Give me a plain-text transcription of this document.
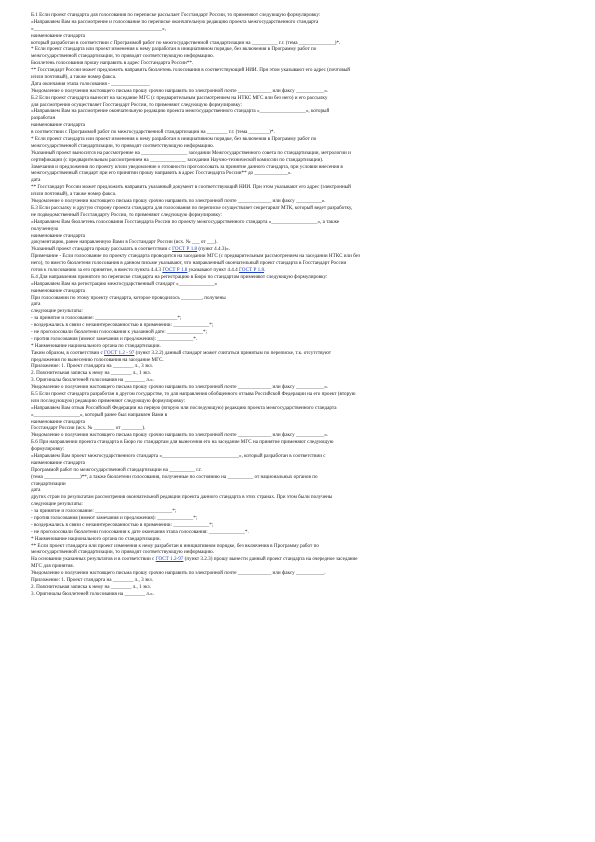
Б.1 Если проект стандарта для голосования по переписке рассылает Госстандарт России, то применяют следующую формулировку:
«Направляем Вам на рассмотрение и голосование по переписке окончательную редакцию проекта межгосударственного стандарта
«__________________________________________________»,
наименование стандарта
который разработан в соответствии с Программой работ по межгосударственной стандартизации на __________ г.г. (тема ______________)*.
* Если проект стандарта или проект изменения к нему разработан в инициативном порядке, без включения в Программу работ по
межгосударственной стандартизации, то приводят соответствующую информацию.
Бюллетень голосования прошу направить в адрес Госстандарта России**.
** Госстандарт России может предложить направить бюллетень голосования в соответствующий НИИ. При этом указывают его адрес (почтовый
и/или почтовый), а также номер факса.
Дата окончания этапа голосования - _______________
Уведомление о получении настоящего письма прошу срочно направить по электронной почте _____________ или факсу ___________».
Б.2 Если проект стандарта выносят на заседание МГС (с предварительным рассмотрением на НТКС МГС или без него) и его рассылку
для рассмотрения осуществляет Госстандарт России, то применяют следующую формулировку:
«Направляем Вам на рассмотрение окончательную редакцию проекта межгосударственного стандарта «__________________», который
разработан
наименование стандарта
в соответствии с Программой работ по межгосударственной стандартизации на ________ г.г. (тема ________)*.
* Если проект стандарта или проект изменения к нему разработан в инициативном порядке, без включения в Программу работ по
межгосударственной стандартизации, то приводят соответствующую информацию.
Указанный проект выносится на рассмотрение на __________________ заседании Межгосударственного совета по стандартизации, метрологии и
сертификации (с предварительным рассмотрением на ______________ заседании Научно-технической комиссии по стандартизации).
Замечания и предложения по проекту и/или уведомление о готовности проголосовать за принятие данного стандарта, при условии внесения в
межгосударственный стандарт при его принятии прошу направить в адрес Госстандарта России** до _____________».
дата
** Госстандарт России может предложить направить указанный документ в соответствующий НИИ. При этом указывают его адрес (электронный
и/или почтовый), а также номер факса.
Уведомление о получении настоящего письма прошу срочно направить по электронной почте _____________ или факсу __________».
Б.3 Если рассылку и другую сторону проекта стандарта для голосования по переписке осуществляет секретариат МТК, который ведет разработку,
не подведомственный Госстандарту России, то применяют следующую формулировку:
«Направляем Вам бюллетень голосования Госстандарта России по проекту межгосударственного стандарта «__________________», а также
полученную
наименование стандарта
документацию, ранее направленную Вами в Госстандарт России (исх. № ___ от ___).
Указанный проект стандарта прошу рассылать в соответствии с ГОСТ Р 1.8 (пункт 4.4.3)».
Примечание - Если голосование по проекту стандарта проводится на заседании МГС (с предварительным рассмотрением на заседании НТКС или без
него), то вместо бюллетеня голосования в данном письме указывают, что направленный окончательный проект стандарта в Госстандарт России
готов к голосованию за его принятие, в вместо пункта 4.4.3 ГОСТ Р 1.8 указывают пункт 4.4.4 ГОСТ Р 1.8.
Б.4 Для направления принятого по переписке стандарта на регистрацию в Бюро по стандартам применяют следующую формулировку:
«Направляем Вам на регистрацию межгосударственный стандарт «______________»
наименование стандарта
При голосовании по этому проекту стандарта, которое проводилось ________, получены
дата
следующие результаты:
- за принятие и голосование: ________________________________*;
- воздержались в связи с незаинтересованностью в применении: ______________*;
- не проголосовали бюллетени голосования к указанной дате: ______________*;
- против голосования (имеют замечания и предложения): ______________*.
* Наименование национального органа по стандартизации.
Таким образом, в соответствии с ГОСТ 1.2 - 97 (пункт 3.2.2) данный стандарт может считаться принятым по переписке, т.к. отсутствуют
предложения по вынесению голосования на заседание МГС.
Приложение: 1. Проект стандарта на ________ л., 3 экз.
2. Пояснительная записка к нему на ________ л., 1 экз.
3. Оригиналы бюллетеней голосования на ________ л.».
Уведомление о получении настоящего письма прошу срочно направить по электронной почте _____________ или факсу ___________».
Б.5 Если проект стандарта разработан в другом государстве, то для направления обобщенного отзыва Российской Федерации на его проект (вторую
или последующую) редакцию применяют следующую формулировку:
«Направляем Вам отзыв Российской Федерации на первую (вторую или последующую) редакцию проекта межгосударственного стандарта
«__________________», который ранее был направлен Вами в
наименование стандарта
Госстандарт России (исх. № ________ от ________).
Уведомление о получении настоящего письма прошу срочно направить по электронной почте _____________ или факсу ___________».
Б.6 При направлении проекта стандарта в Бюро по стандартам для вынесения его на заседание МГС на принятие применяют следующую
формулировку:
«Направляем Вам проект межгосударственного стандарта «______________________________», который разработан в соответствии с
наименование стандарта
Программой работ по межгосударственной стандартизации на __________ г.г.
(тема ______________)**, а также бюллетени голосования, полученные по состоянию на __________ от национальных органов по
стандартизации
дата
других стран по результатам рассмотрения окончательной редакции проекта данного стандарта в этих странах. При этом были получены
следующие результаты:
- за принятие и голосование: ______________________________*;
- против голосования (имеют замечания и предложения): ______________*;
- воздержались в связи с незаинтересованностью в применении: ______________*;
- не проголосовали бюллетени голосования к дате окончания этапа голосования: ______________*.
* Наименование национального органа по стандартизации.
** Если проект стандарта или проект изменения к нему разработан в инициативном порядке, без включения в Программу работ по
межгосударственной стандартизации, то приводят соответствующую информацию.
На основании указанных результатов и в соответствии с ГОСТ 1.2-97 (пункт 3.2.3) прошу вынести данный проект стандарта на очередное заседание
МГС для принятия.
Уведомление о получении настоящего письма прошу срочно направить по электронной почте _____________ или факсу ___________.
Приложение: 1. Проект стандарта на ________ л., 3 экз.
2. Пояснительная записка к нему на ________ л., 1 экз.
3. Оригиналы бюллетеней голосования на ________ л.».
